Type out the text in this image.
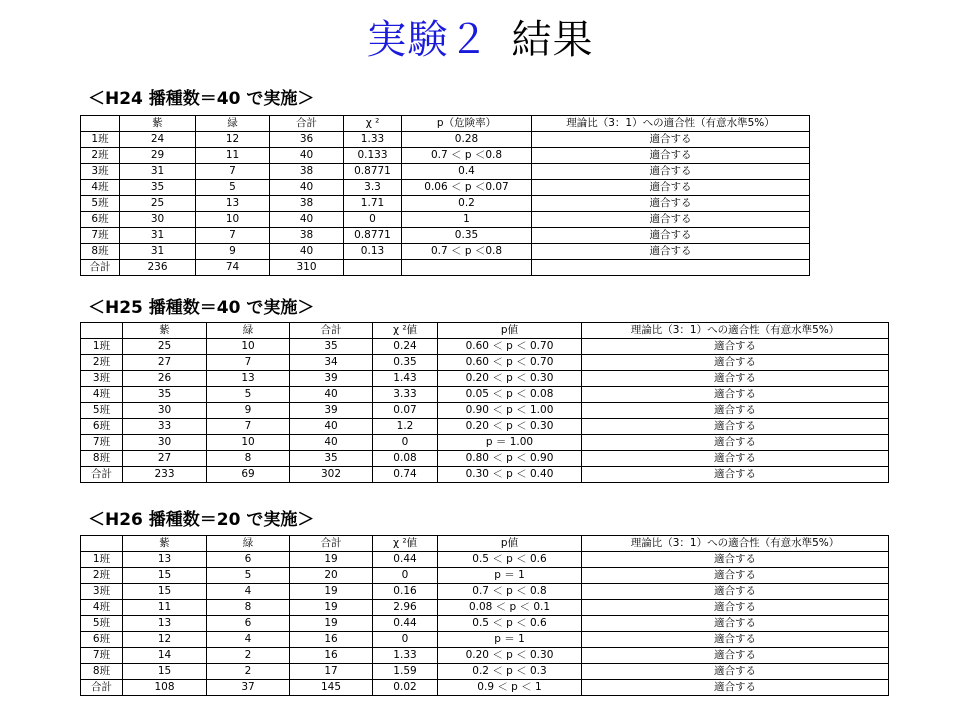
実験２ 結果
＜H24 播種数＝40 で実施＞
	紫	緑	合計	χ ²	p（危険率）	理論比（3：1）への適合性（有意水準5%）
1班	24	12	36	1.33	0.28	適合する
2班	29	11	40	0.133	0.7 ＜ p ＜0.8	適合する
3班	31	7	38	0.8771	0.4	適合する
4班	35	5	40	3.3	0.06 ＜ p ＜0.07	適合する
5班	25	13	38	1.71	0.2	適合する
6班	30	10	40	0	1	適合する
7班	31	7	38	0.8771	0.35	適合する
8班	31	9	40	0.13	0.7 ＜ p ＜0.8	適合する
合計	236	74	310			
＜H25 播種数＝40 で実施＞
	紫	緑	合計	χ ²値	p値	理論比（3：1）への適合性（有意水準5%）
1班	25	10	35	0.24	0.60 ＜ p ＜ 0.70	適合する
2班	27	7	34	0.35	0.60 ＜ p ＜ 0.70	適合する
3班	26	13	39	1.43	0.20 ＜ p ＜ 0.30	適合する
4班	35	5	40	3.33	0.05 ＜ p ＜ 0.08	適合する
5班	30	9	39	0.07	0.90 ＜ p ＜ 1.00	適合する
6班	33	7	40	1.2	0.20 ＜ p ＜ 0.30	適合する
7班	30	10	40	0	p ＝ 1.00	適合する
8班	27	8	35	0.08	0.80 ＜ p ＜ 0.90	適合する
合計	233	69	302	0.74	0.30 ＜ p ＜ 0.40	適合する
＜H26 播種数＝20 で実施＞
	紫	緑	合計	χ ²値	p値	理論比（3：1）への適合性（有意水準5%）
1班	13	6	19	0.44	0.5 ＜ p ＜ 0.6	適合する
2班	15	5	20	0	p ＝ 1	適合する
3班	15	4	19	0.16	0.7 ＜ p ＜ 0.8	適合する
4班	11	8	19	2.96	0.08 ＜ p ＜ 0.1	適合する
5班	13	6	19	0.44	0.5 ＜ p ＜ 0.6	適合する
6班	12	4	16	0	p ＝ 1	適合する
7班	14	2	16	1.33	0.20 ＜ p ＜ 0.30	適合する
8班	15	2	17	1.59	0.2 ＜ p ＜ 0.3	適合する
合計	108	37	145	0.02	0.9 ＜ p ＜ 1	適合する
